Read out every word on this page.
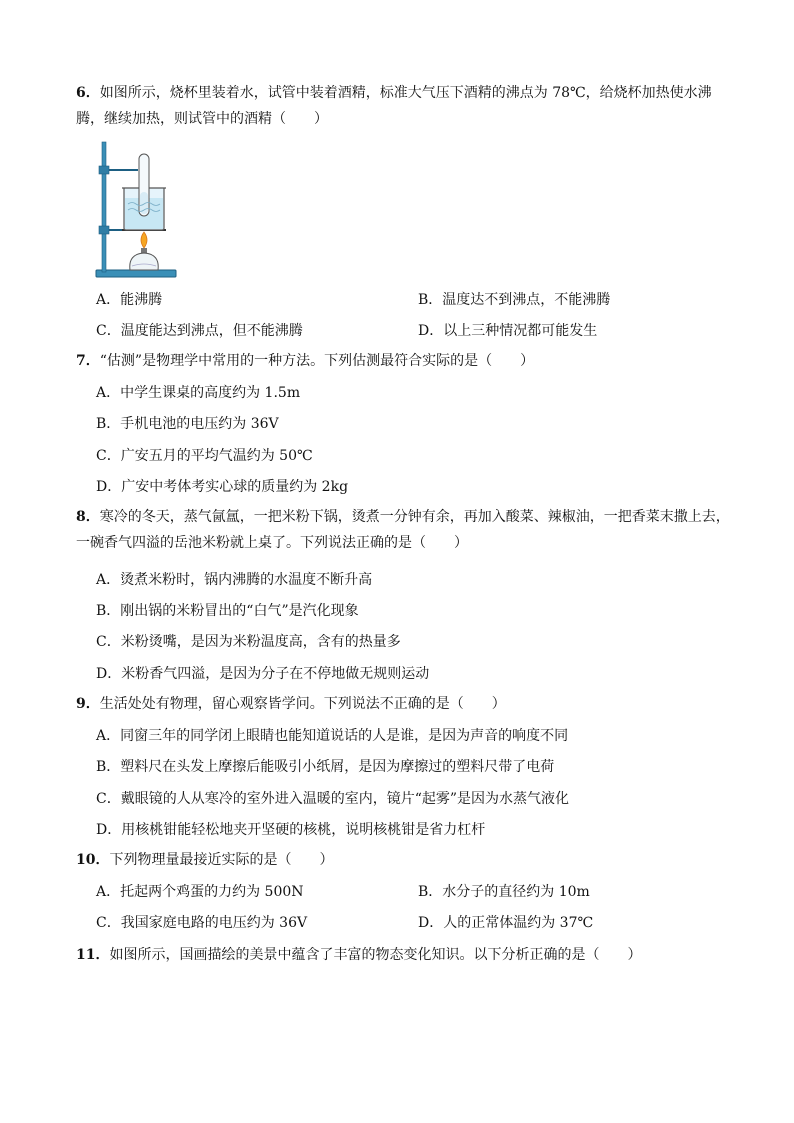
6．如图所示，烧杯里装着水，试管中装着酒精，标准大气压下酒精的沸点为 78℃，给烧杯加热使水沸腾，继续加热，则试管中的酒精（　　）
A．能沸腾	B．温度达不到沸点，不能沸腾
C．温度能达到沸点，但不能沸腾	D．以上三种情况都可能发生
7．“估测”是物理学中常用的一种方法。下列估测最符合实际的是（　　）
A．中学生课桌的高度约为 1.5m
B．手机电池的电压约为 36V
C．广安五月的平均气温约为 50℃
D．广安中考体考实心球的质量约为 2kg
8．寒冷的冬天，蒸气氤氲，一把米粉下锅，烫煮一分钟有余，再加入酸菜、辣椒油，一把香菜末撒上去，一碗香气四溢的岳池米粉就上桌了。下列说法正确的是（　　）
A．烫煮米粉时，锅内沸腾的水温度不断升高
B．刚出锅的米粉冒出的“白气”是汽化现象
C．米粉烫嘴，是因为米粉温度高，含有的热量多
D．米粉香气四溢，是因为分子在不停地做无规则运动
9．生活处处有物理，留心观察皆学问。下列说法不正确的是（　　）
A．同窗三年的同学闭上眼睛也能知道说话的人是谁，是因为声音的响度不同
B．塑料尺在头发上摩擦后能吸引小纸屑，是因为摩擦过的塑料尺带了电荷
C．戴眼镜的人从寒冷的室外进入温暖的室内，镜片“起雾”是因为水蒸气液化
D．用核桃钳能轻松地夹开坚硬的核桃，说明核桃钳是省力杠杆
10．下列物理量最接近实际的是（　　）
A．托起两个鸡蛋的力约为 500N	B．水分子的直径约为 10m
C．我国家庭电路的电压约为 36V	D．人的正常体温约为 37℃
11．如图所示，国画描绘的美景中蕴含了丰富的物态变化知识。以下分析正确的是（　　）
